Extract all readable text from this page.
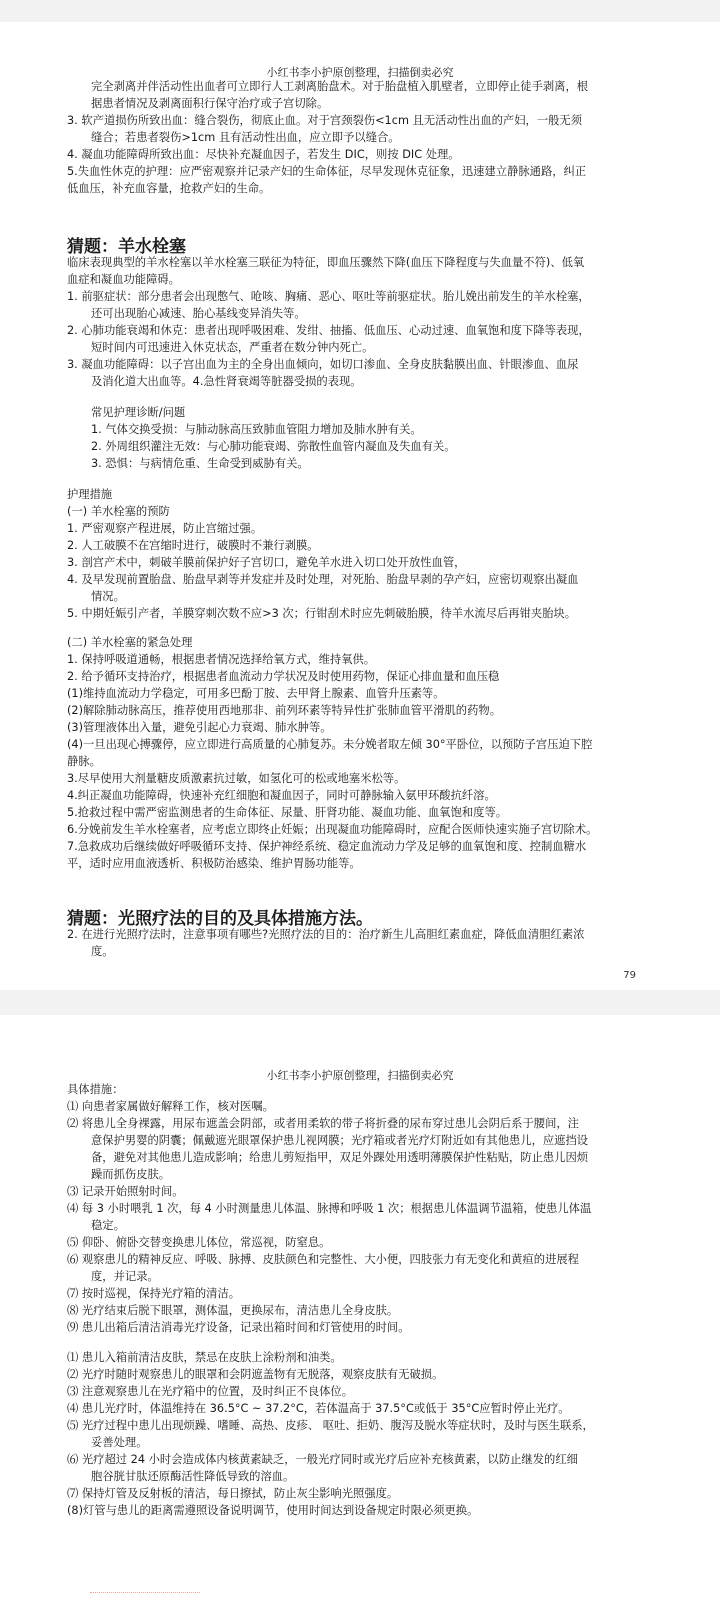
小红书李小护原创整理，扫描倒卖必究
完全剥离并伴活动性出血者可立即行人工剥离胎盘术。对于胎盘植入肌壁者，立即停止徒手剥离，根
据患者情况及剥离面积行保守治疗或子宫切除。
3. 软产道损伤所致出血：缝合裂伤，彻底止血。对于宫颈裂伤<1cm 且无活动性出血的产妇，一般无须
缝合；若患者裂伤>1cm 且有活动性出血，应立即予以缝合。
4. 凝血功能障碍所致出血：尽快补充凝血因子，若发生 DIC，则按 DIC 处理。
5.失血性休克的护理：应严密观察并记录产妇的生命体征，尽早发现休克征象，迅速建立静脉通路，纠正
低血压，补充血容量，抢救产妇的生命。
猜题：羊水栓塞
临床表现典型的羊水栓塞以羊水栓塞三联征为特征，即血压骤然下降(血压下降程度与失血量不符)、低氧
血症和凝血功能障碍。
1. 前驱症状：部分患者会出现憋气、呛咳、胸痛、恶心、呕吐等前驱症状。胎儿娩出前发生的羊水栓塞，
还可出现胎心减速、胎心基线变异消失等。
2. 心肺功能衰竭和休克：患者出现呼吸困难、发绀、抽搐、低血压、心动过速、血氧饱和度下降等表现，
短时间内可迅速进入休克状态，严重者在数分钟内死亡。
3. 凝血功能障碍：以子宫出血为主的全身出血倾向，如切口渗血、全身皮肤黏膜出血、针眼渗血、血尿
及消化道大出血等。4.急性肾衰竭等脏器受损的表现。
常见护理诊断/问题
1. 气体交换受损：与肺动脉高压致肺血管阻力增加及肺水肿有关。
2. 外周组织灌注无效：与心肺功能衰竭、弥散性血管内凝血及失血有关。
3. 恐惧：与病情危重、生命受到威胁有关。
护理措施
(一) 羊水栓塞的预防
1. 严密观察产程进展，防止宫缩过强。
2. 人工破膜不在宫缩时进行，破膜时不兼行剥膜。
3. 剖宫产术中，刺破羊膜前保护好子宫切口，避免羊水进入切口处开放性血管，
4. 及早发现前置胎盘、胎盘早剥等并发症并及时处理，对死胎、胎盘早剥的孕产妇，应密切观察出凝血
情况。
5. 中期妊娠引产者，羊膜穿刺次数不应>3 次；行钳刮术时应先刺破胎膜，待羊水流尽后再钳夹胎块。
(二) 羊水栓塞的紧急处理
1. 保持呼吸道通畅，根据患者情况选择给氧方式，维持氧供。
2. 给予循环支持治疗，根据患者血流动力学状况及时使用药物，保证心排血量和血压稳
(1)维持血流动力学稳定，可用多巴酚丁胺、去甲肾上腺素、血管升压素等。
(2)解除肺动脉高压，推荐使用西地那非、前列环素等特异性扩张肺血管平滑肌的药物。
(3)管理液体出入量，避免引起心力衰竭、肺水肿等。
(4)一旦出现心搏骤停，应立即进行高质量的心肺复苏。未分娩者取左倾 30°平卧位，以预防子宫压迫下腔
静脉。
3.尽早使用大剂量糖皮质激素抗过敏，如氢化可的松或地塞米松等。
4.纠正凝血功能障碍，快速补充红细胞和凝血因子，同时可静脉输入氨甲环酸抗纤溶。
5.抢救过程中需严密监测患者的生命体征、尿量、肝肾功能、凝血功能、血氧饱和度等。
6.分娩前发生羊水栓塞者，应考虑立即终止妊娠；出现凝血功能障碍时，应配合医师快速实施子宫切除术。
7.急救成功后继续做好呼吸循环支持、保护神经系统、稳定血流动力学及足够的血氧饱和度、控制血糖水
平，适时应用血液透析、积极防治感染、维护胃肠功能等。
猜题：光照疗法的目的及具体措施方法。
2. 在进行光照疗法时，注意事项有哪些?光照疗法的目的：治疗新生儿高胆红素血症，降低血清胆红素浓
度。
79
小红书李小护原创整理，扫描倒卖必究
具体措施：
⑴ 向患者家属做好解释工作，核对医嘱。
⑵ 将患儿全身裸露，用尿布遮盖会阴部，或者用柔软的带子将折叠的尿布穿过患儿会阴后系于腰间，注
意保护男婴的阴囊；佩戴遮光眼罩保护患儿视网膜；光疗箱或者光疗灯附近如有其他患儿，应遮挡设
备，避免对其他患儿造成影响；给患儿剪短指甲，双足外踝处用透明薄膜保护性粘贴，防止患儿因烦
躁而抓伤皮肤。
⑶ 记录开始照射时间。
⑷ 每 3 小时喂乳 1 次，每 4 小时测量患儿体温、脉搏和呼吸 1 次；根据患儿体温调节温箱，使患儿体温
稳定。
⑸ 仰卧、俯卧交替变换患儿体位，常巡视，防窒息。
⑹ 观察患儿的精神反应、呼吸、脉搏、皮肤颜色和完整性、大小便，四肢张力有无变化和黄疸的进展程
度，并记录。
⑺ 按时巡视，保持光疗箱的清洁。
⑻ 光疗结束后脱下眼罩，测体温，更换尿布，清洁患儿全身皮肤。
⑼ 患儿出箱后清洁消毒光疗设备，记录出箱时间和灯管使用的时间。
⑴ 患儿入箱前清洁皮肤，禁忌在皮肤上涂粉剂和油类。
⑵ 光疗时随时观察患儿的眼罩和会阴遮盖物有无脱落，观察皮肤有无破损。
⑶ 注意观察患儿在光疗箱中的位置，及时纠正不良体位。
⑷ 患儿光疗时，体温维持在 36.5°C ~ 37.2°C，若体温高于 37.5°C或低于 35°C应暂时停止光疗。
⑸ 光疗过程中患儿出现烦躁、嗜睡、高热、皮疹、 呕吐、拒奶、腹泻及脱水等症状时，及时与医生联系，
妥善处理。
⑹ 光疗超过 24 小时会造成体内核黄素缺乏，一般光疗同时或光疗后应补充核黄素，以防止继发的红细
胞谷胱甘肽还原酶活性降低导致的溶血。
⑺ 保持灯管及反射板的清洁，每日擦拭，防止灰尘影响光照强度。
(8)灯管与患儿的距离需遵照设备说明调节，使用时间达到设备规定时限必须更换。
